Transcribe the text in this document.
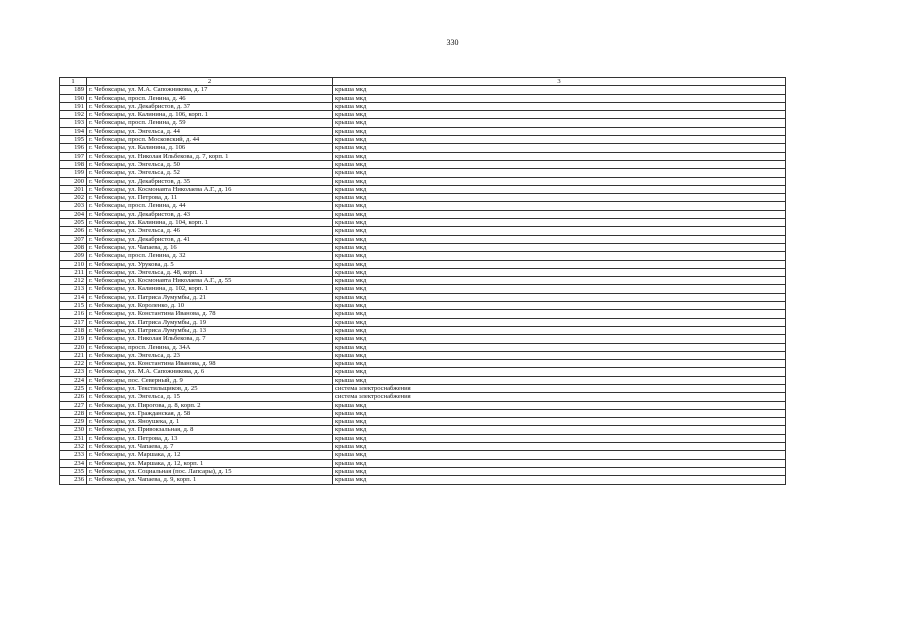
330
1	2	3
189	г. Чебоксары, ул. М.А. Сапожникова, д. 17	крыша мкд
190	г. Чебоксары, просп. Ленина, д. 46	крыша мкд
191	г. Чебоксары, ул. Декабристов, д. 37	крыша мкд
192	г. Чебоксары, ул. Калинина, д. 106, корп. 1	крыша мкд
193	г. Чебоксары, просп. Ленина, д. 59	крыша мкд
194	г. Чебоксары, ул. Энгельса, д. 44	крыша мкд
195	г. Чебоксары, просп. Московский, д. 44	крыша мкд
196	г. Чебоксары, ул. Калинина, д. 106	крыша мкд
197	г. Чебоксары, ул. Николая Ильбекова, д. 7, корп. 1	крыша мкд
198	г. Чебоксары, ул. Энгельса, д. 50	крыша мкд
199	г. Чебоксары, ул. Энгельса, д. 52	крыша мкд
200	г. Чебоксары, ул. Декабристов, д. 35	крыша мкд
201	г. Чебоксары, ул. Космонавта Николаева А.Г., д. 16	крыша мкд
202	г. Чебоксары, ул. Петрова, д. 11	крыша мкд
203	г. Чебоксары, просп. Ленина, д. 44	крыша мкд
204	г. Чебоксары, ул. Декабристов, д. 43	крыша мкд
205	г. Чебоксары, ул. Калинина, д. 104, корп. 1	крыша мкд
206	г. Чебоксары, ул. Энгельса, д. 46	крыша мкд
207	г. Чебоксары, ул. Декабристов, д. 41	крыша мкд
208	г. Чебоксары, ул. Чапаева, д. 16	крыша мкд
209	г. Чебоксары, просп. Ленина, д. 32	крыша мкд
210	г. Чебоксары, ул. Урукова, д. 5	крыша мкд
211	г. Чебоксары, ул. Энгельса, д. 48, корп. 1	крыша мкд
212	г. Чебоксары, ул. Космонавта Николаева А.Г., д. 55	крыша мкд
213	г. Чебоксары, ул. Калинина, д. 102, корп. 1	крыша мкд
214	г. Чебоксары, ул. Патриса Лумумбы, д. 21	крыша мкд
215	г. Чебоксары, ул. Короленко, д. 10	крыша мкд
216	г. Чебоксары, ул. Константина Иванова, д. 78	крыша мкд
217	г. Чебоксары, ул. Патриса Лумумбы, д. 19	крыша мкд
218	г. Чебоксары, ул. Патриса Лумумбы, д. 13	крыша мкд
219	г. Чебоксары, ул. Николая Ильбекова, д. 7	крыша мкд
220	г. Чебоксары, просп. Ленина, д. 34А	крыша мкд
221	г. Чебоксары, ул. Энгельса, д. 23	крыша мкд
222	г. Чебоксары, ул. Константина Иванова, д. 98	крыша мкд
223	г. Чебоксары, ул. М.А. Сапожникова, д. 6	крыша мкд
224	г. Чебоксары, пос. Северный, д. 9	крыша мкд
225	г. Чебоксары, ул. Текстильщиков, д. 25	система электроснабжения
226	г. Чебоксары, ул. Энгельса, д. 15	система электроснабжения
227	г. Чебоксары, ул. Пирогова, д. 8, корп. 2	крыша мкд
228	г. Чебоксары, ул. Гражданская, д. 58	крыша мкд
229	г. Чебоксары, ул. Яноушека, д. 1	крыша мкд
230	г. Чебоксары, ул. Привокзальная, д. 8	крыша мкд
231	г. Чебоксары, ул. Петрова, д. 13	крыша мкд
232	г. Чебоксары, ул. Чапаева, д. 7	крыша мкд
233	г. Чебоксары, ул. Маршака, д. 12	крыша мкд
234	г. Чебоксары, ул. Маршака, д. 12, корп. 1	крыша мкд
235	г. Чебоксары, ул. Социальная (пос. Лапсары), д. 15	крыша мкд
236	г. Чебоксары, ул. Чапаева, д. 9, корп. 1	крыша мкд
